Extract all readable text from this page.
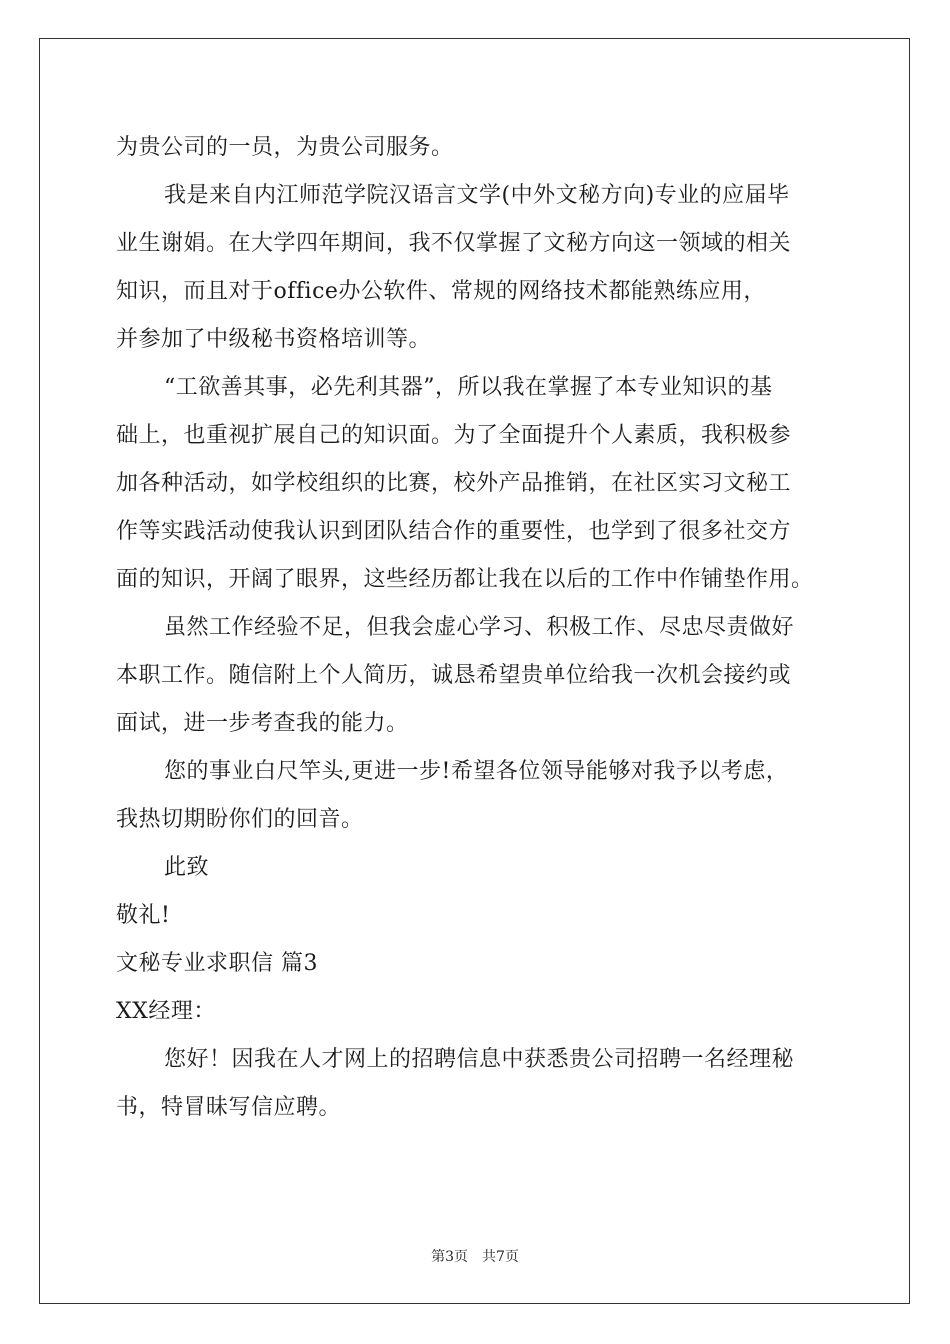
为贵公司的一员，为贵公司服务。
我是来自内江师范学院汉语言文学(中外文秘方向)专业的应届毕
业生谢娟。在大学四年期间，我不仅掌握了文秘方向这一领域的相关
知识，而且对于office办公软件、常规的网络技术都能熟练应用，
并参加了中级秘书资格培训等。
“工欲善其事，必先利其器”，所以我在掌握了本专业知识的基
础上，也重视扩展自己的知识面。为了全面提升个人素质，我积极参
加各种活动，如学校组织的比赛，校外产品推销，在社区实习文秘工
作等实践活动使我认识到团队结合作的重要性，也学到了很多社交方
面的知识，开阔了眼界，这些经历都让我在以后的工作中作铺垫作用。
虽然工作经验不足，但我会虚心学习、积极工作、尽忠尽责做好
本职工作。随信附上个人简历，诚恳希望贵单位给我一次机会接约或
面试，进一步考查我的能力。
您的事业白尺竿头,更进一步!希望各位领导能够对我予以考虑，
我热切期盼你们的回音。
此致
敬礼!
文秘专业求职信 篇3
XX经理：
您好！因我在人才网上的招聘信息中获悉贵公司招聘一名经理秘
书，特冒昧写信应聘。
第3页　共7页
